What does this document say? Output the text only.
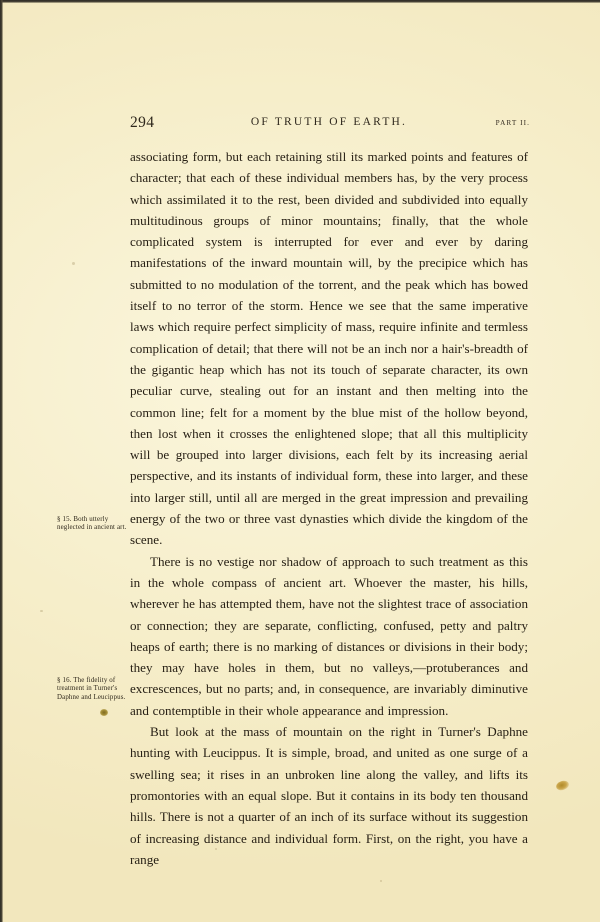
294	OF TRUTH OF EARTH.	PART II.
§ 15. Both utterly neglected in ancient art.
§ 16. The fidelity of treatment in Turner's Daphne and Leucippus.

associating form, but each retaining still its marked points and features of character; that each of these individual members has, by the very process which assimilated it to the rest, been divided and subdivided into equally multitudinous groups of minor mountains; finally, that the whole complicated system is interrupted for ever and ever by daring manifestations of the inward mountain will, by the precipice which has submitted to no modulation of the torrent, and the peak which has bowed itself to no terror of the storm. Hence we see that the same imperative laws which require perfect simplicity of mass, require infinite and termless complication of detail; that there will not be an inch nor a hair's-breadth of the gigantic heap which has not its touch of separate character, its own peculiar curve, stealing out for an instant and then melting into the common line; felt for a moment by the blue mist of the hollow beyond, then lost when it crosses the enlightened slope; that all this multiplicity will be grouped into larger divisions, each felt by its increasing aerial perspective, and its instants of individual form, these into larger, and these into larger still, until all are merged in the great impression and prevailing energy of the two or three vast dynasties which divide the kingdom of the scene.

There is no vestige nor shadow of approach to such treatment as this in the whole compass of ancient art. Whoever the master, his hills, wherever he has attempted them, have not the slightest trace of association or connection; they are separate, conflicting, confused, petty and paltry heaps of earth; there is no marking of distances or divisions in their body; they may have holes in them, but no valleys,—protuberances and excrescences, but no parts; and, in consequence, are invariably diminutive and contemptible in their whole appearance and impression.

But look at the mass of mountain on the right in Turner's Daphne hunting with Leucippus. It is simple, broad, and united as one surge of a swelling sea; it rises in an unbroken line along the valley, and lifts its promontories with an equal slope. But it contains in its body ten thousand hills. There is not a quarter of an inch of its surface without its suggestion of increasing distance and individual form. First, on the right, you have a range
